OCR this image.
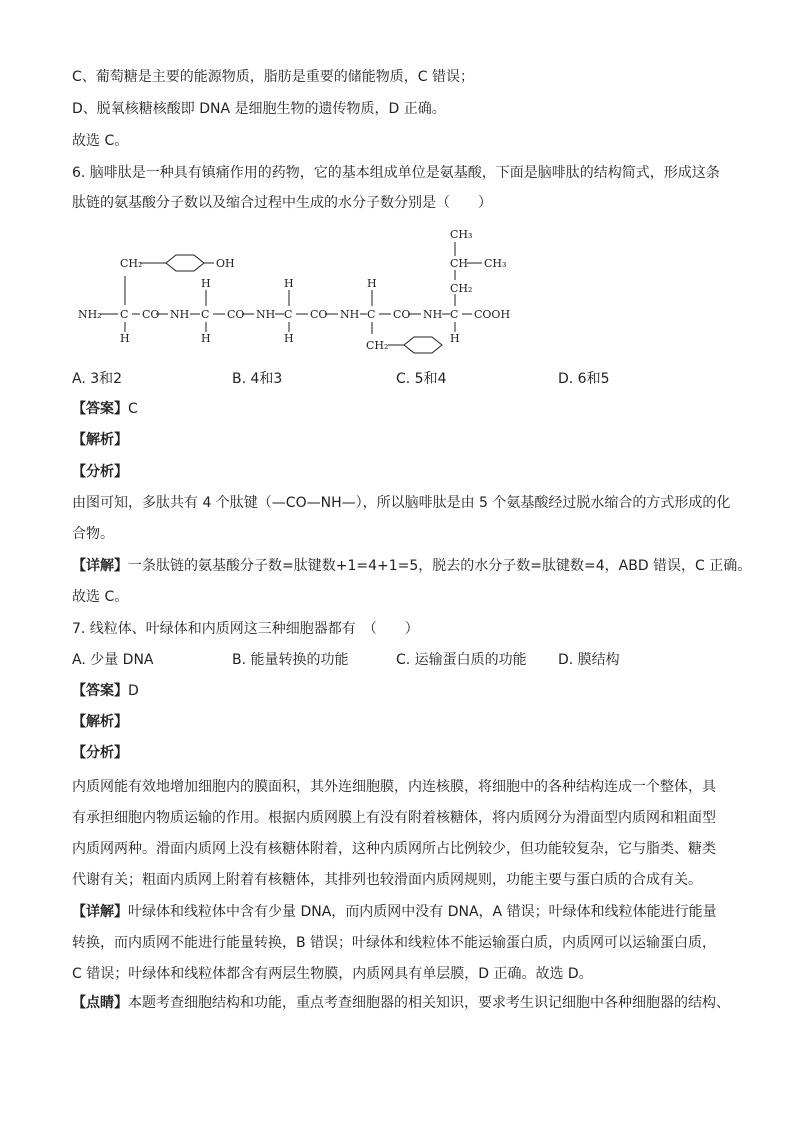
C、葡萄糖是主要的能源物质，脂肪是重要的储能物质，C 错误；
D、脱氧核糖核酸即 DNA 是细胞生物的遗传物质，D 正确。
故选 C。
6. 脑啡肽是一种具有镇痛作用的药物，它的基本组成单位是氨基酸，下面是脑啡肽的结构简式，形成这条
肽链的氨基酸分子数以及缩合过程中生成的水分子数分别是（　　）
CH₂	OH
NH₂ C
H
CO NH
H
C
H
CO NH
H
C
H
CO NH
H
C
CH₂
CO NH C
H
COOH
CH₂
CH CH₃
CH₃
A. 3和2	B. 4和3	C. 5和4	D. 6和5
【答案】C
【解析】
【分析】
由图可知，多肽共有 4 个肽键（—CO—NH—），所以脑啡肽是由 5 个氨基酸经过脱水缩合的方式形成的化
合物。
【详解】一条肽链的氨基酸分子数=肽键数+1=4+1=5，脱去的水分子数=肽键数=4，ABD 错误，C 正确。
故选 C。
7. 线粒体、叶绿体和内质网这三种细胞器都有　（　　）
A. 少量 DNA	B. 能量转换的功能	C. 运输蛋白质的功能 D. 膜结构
【答案】D
【解析】
【分析】
内质网能有效地增加细胞内的膜面积，其外连细胞膜，内连核膜，将细胞中的各种结构连成一个整体，具有承担细胞内物质运输的作用。根据内质网膜上有没有附着核糖体，将内质网分为滑面型内质网和粗面型内质网两种。滑面内质网上没有核糖体附着，这种内质网所占比例较少，但功能较复杂，它与脂类、糖类代谢有关；粗面内质网上附着有核糖体，其排列也较滑面内质网规则，功能主要与蛋白质的合成有关。
【详解】叶绿体和线粒体中含有少量 DNA，而内质网中没有 DNA，A 错误；叶绿体和线粒体能进行能量转换，而内质网不能进行能量转换，B 错误；叶绿体和线粒体不能运输蛋白质，内质网可以运输蛋白质， C 错误；叶绿体和线粒体都含有两层生物膜，内质网具有单层膜，D 正确。故选 D。
【点睛】本题考查细胞结构和功能，重点考查细胞器的相关知识，要求考生识记细胞中各种细胞器的结构、
